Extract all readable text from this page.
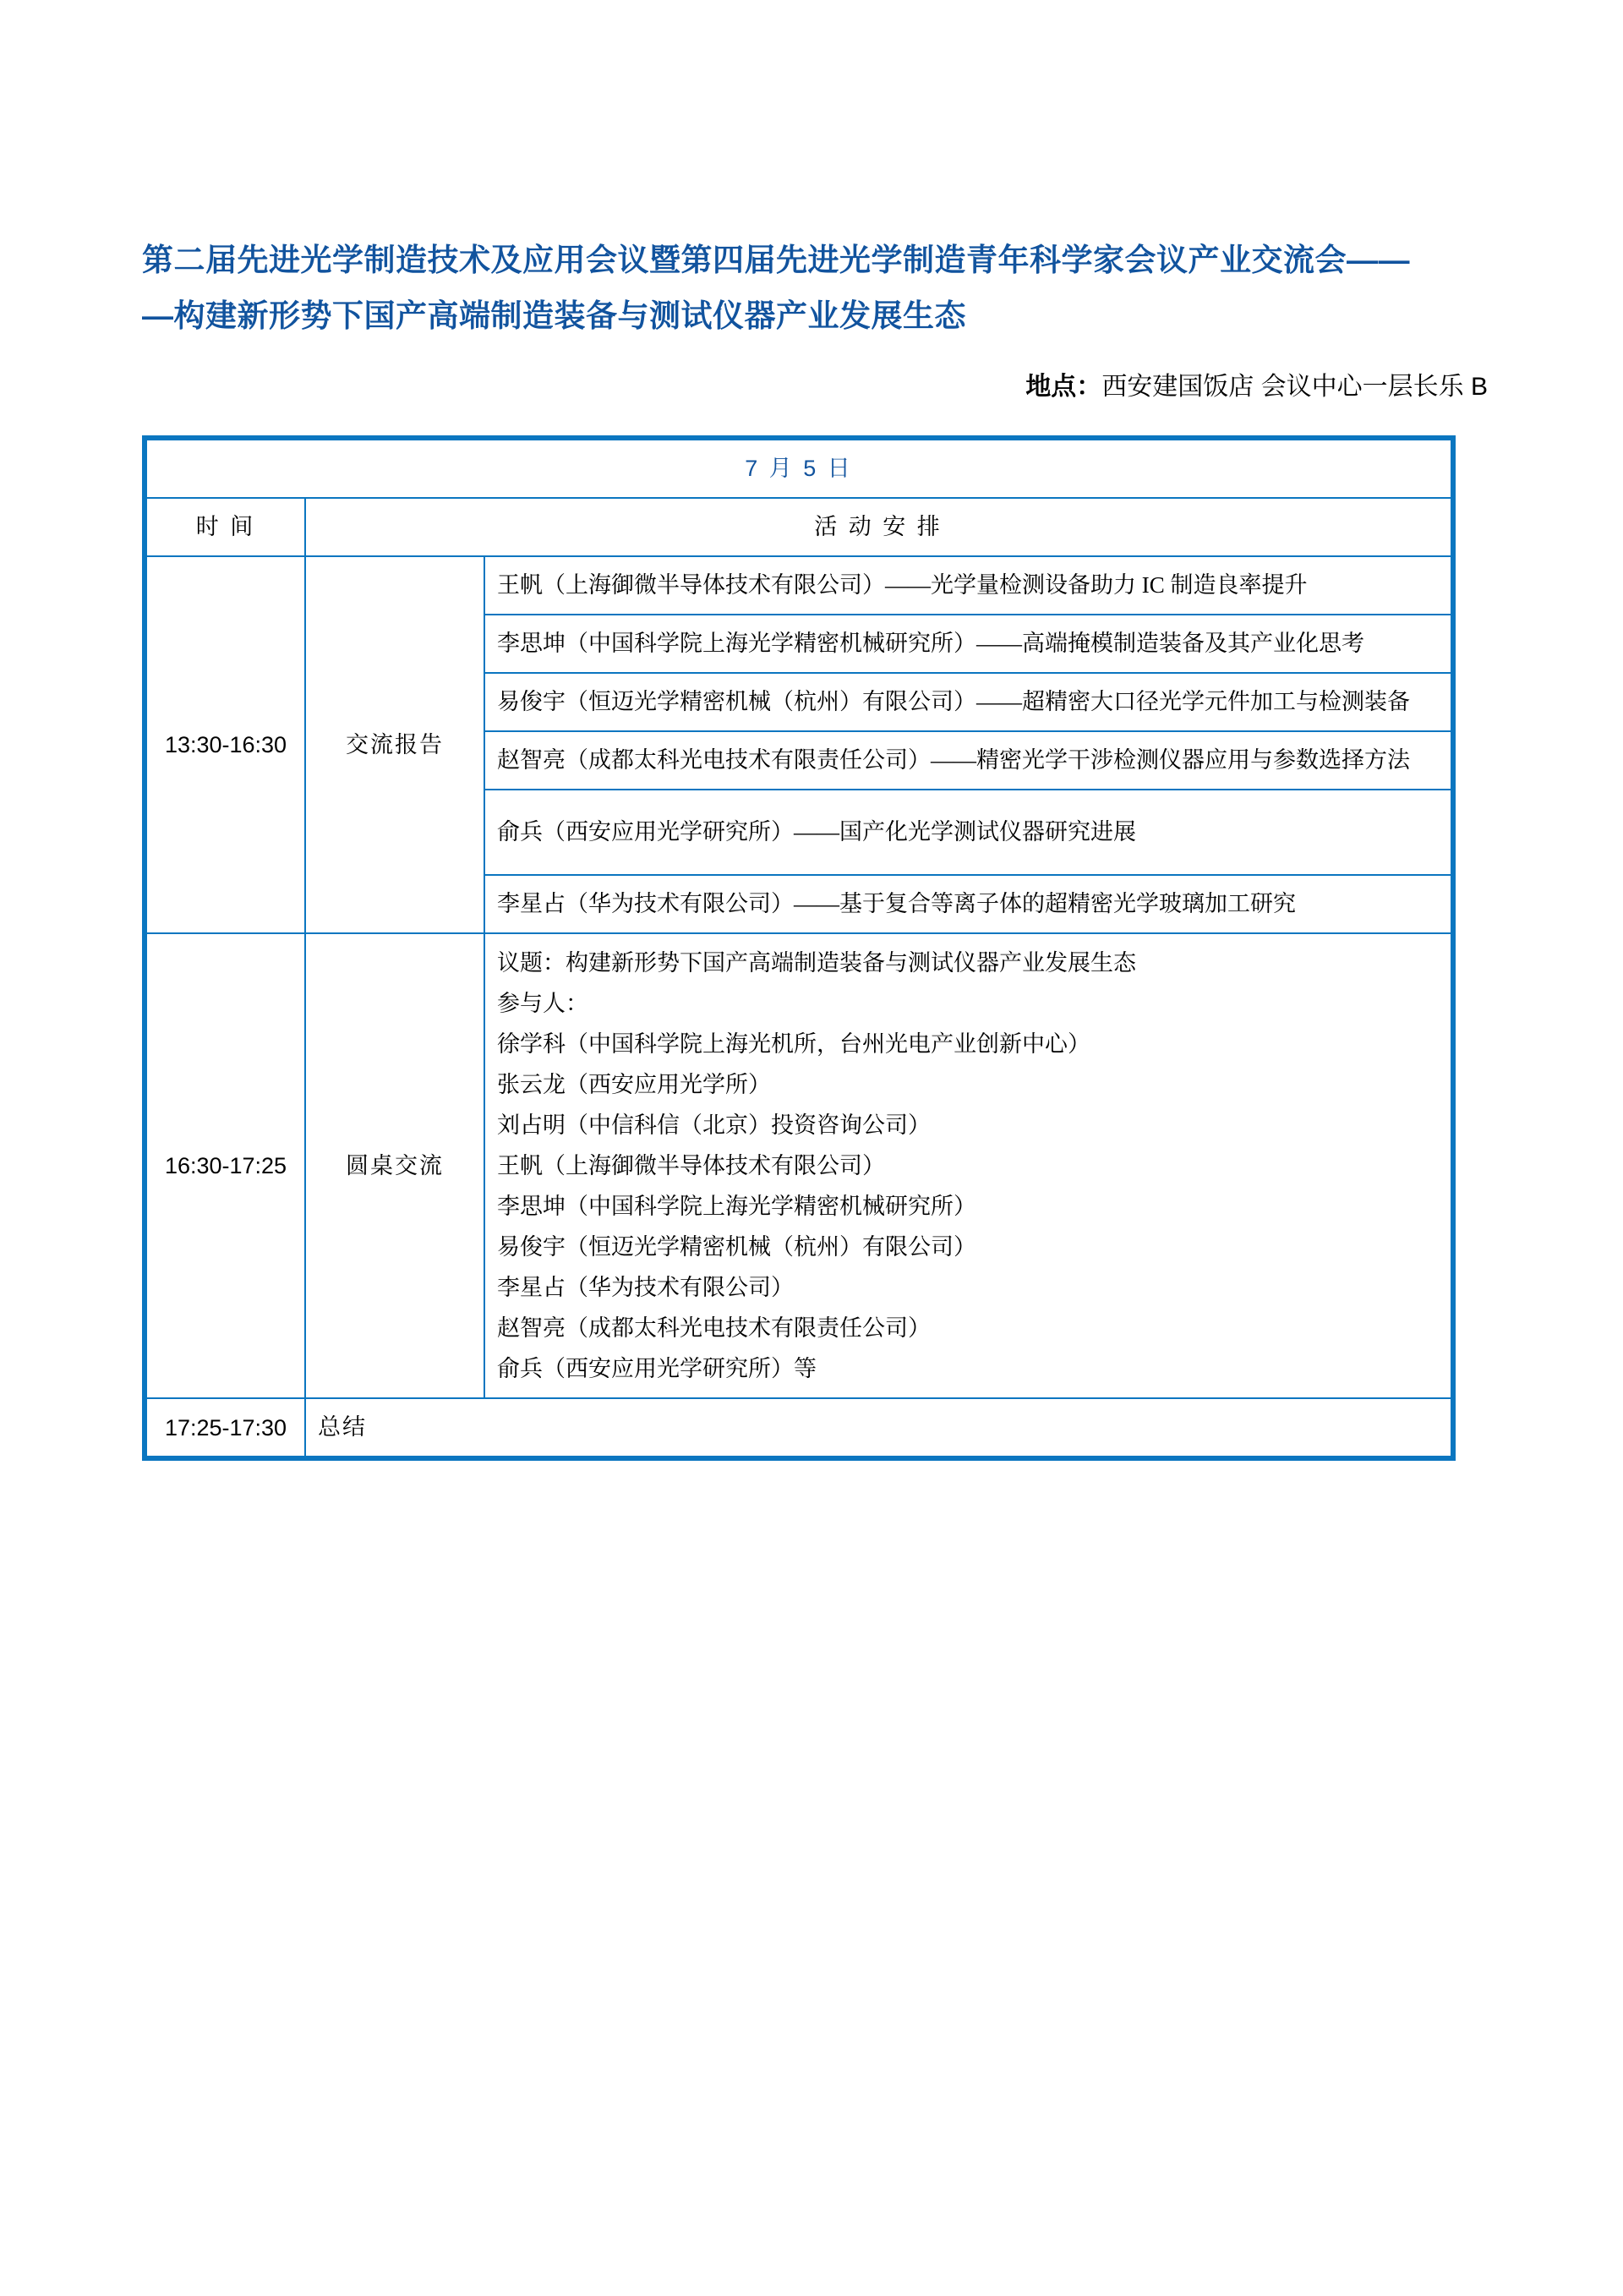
第二届先进光学制造技术及应用会议暨第四届先进光学制造青年科学家会议产业交流会——
—构建新形势下国产高端制造装备与测试仪器产业发展生态
地点：西安建国饭店 会议中心一层长乐 B
7 月 5 日		
时 间	活 动 安 排	
13:30-16:30	交流报告	王帆（上海御微半导体技术有限公司）——光学量检测设备助力 IC 制造良率提升
		李思坤（中国科学院上海光学精密机械研究所）——高端掩模制造装备及其产业化思考
		易俊宇（恒迈光学精密机械（杭州）有限公司）——超精密大口径光学元件加工与检测装备
		赵智亮（成都太科光电技术有限责任公司）——精密光学干涉检测仪器应用与参数选择方法
		俞兵（西安应用光学研究所）——国产化光学测试仪器研究进展
		李星占（华为技术有限公司）——基于复合等离子体的超精密光学玻璃加工研究
16:30-17:25	圆桌交流	
议题：构建新形势下国产高端制造装备与测试仪器产业发展生态
参与人：
徐学科（中国科学院上海光机所，台州光电产业创新中心）
张云龙（西安应用光学所）
刘占明（中信科信（北京）投资咨询公司）
王帆（上海御微半导体技术有限公司）
李思坤（中国科学院上海光学精密机械研究所）
易俊宇（恒迈光学精密机械（杭州）有限公司）
李星占（华为技术有限公司）
赵智亮（成都太科光电技术有限责任公司）
俞兵（西安应用光学研究所）等

17:25-17:30	总结	
